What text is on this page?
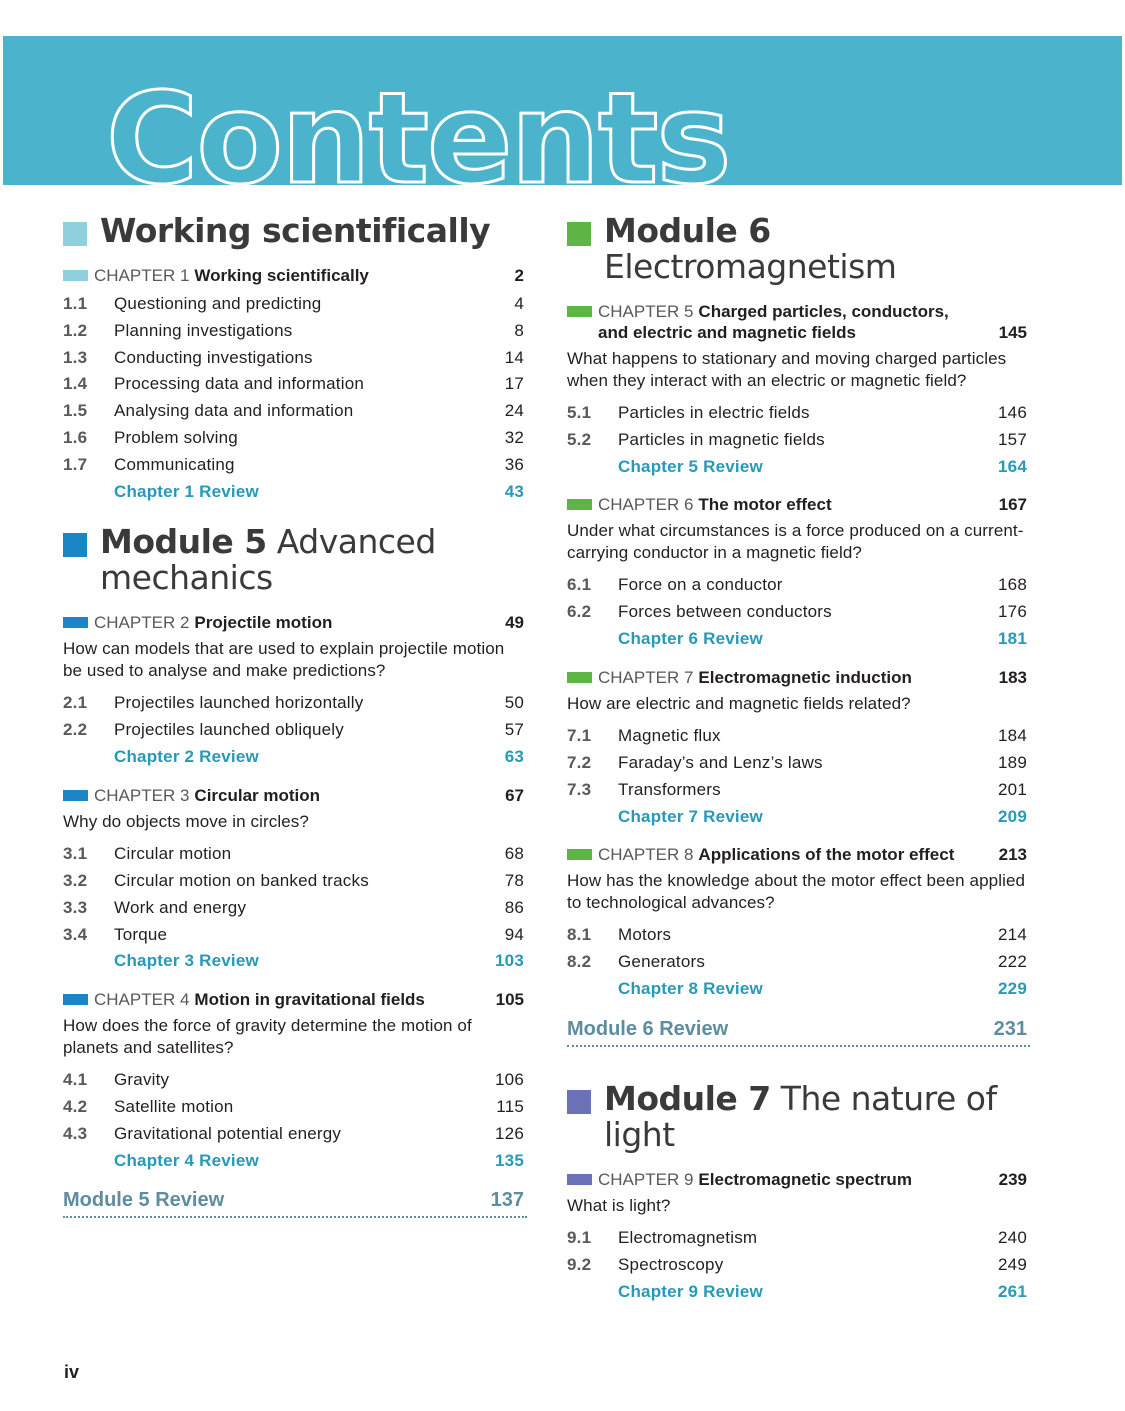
Contents
Working scientifically
CHAPTER 1 Working scientifically	2
1.1 Questioning and predicting	4
1.2 Planning investigations	8
1.3 Conducting investigations	14
1.4 Processing data and information	17
1.5 Analysing data and information	24
1.6 Problem solving	32
1.7 Communicating	36
Chapter 1 Review	43
Module 5 Advanced
mechanics
CHAPTER 2 Projectile motion	49
How can models that are used to explain projectile motion be used to analyse and make predictions?
2.1 Projectiles launched horizontally	50
2.2 Projectiles launched obliquely	57
Chapter 2 Review	63
CHAPTER 3 Circular motion	67
Why do objects move in circles?
3.1 Circular motion	68
3.2 Circular motion on banked tracks	78
3.3 Work and energy	86
3.4 Torque	94
Chapter 3 Review	103
CHAPTER 4 Motion in gravitational fields	105
How does the force of gravity determine the motion of planets and satellites?
4.1 Gravity	106
4.2 Satellite motion	115
4.3 Gravitational potential energy	126
Chapter 4 Review	135
Module 5 Review	137
Module 6 Electromagnetism
CHAPTER 5 Charged particles, conductors, and electric and magnetic fields	145
What happens to stationary and moving charged particles when they interact with an electric or magnetic field?
5.1 Particles in electric fields	146
5.2 Particles in magnetic fields	157
Chapter 5 Review	164
CHAPTER 6 The motor effect	167
Under what circumstances is a force produced on a current-carrying conductor in a magnetic field?
6.1 Force on a conductor	168
6.2 Forces between conductors	176
Chapter 6 Review	181
CHAPTER 7 Electromagnetic induction	183
How are electric and magnetic fields related?
7.1 Magnetic flux	184
7.2 Faraday’s and Lenz’s laws	189
7.3 Transformers	201
Chapter 7 Review	209
CHAPTER 8 Applications of the motor effect	213
How has the knowledge about the motor effect been applied to technological advances?
8.1 Motors	214
8.2 Generators	222
Chapter 8 Review	229
Module 6 Review	231
Module 7 The nature of light
CHAPTER 9 Electromagnetic spectrum	239
What is light?
9.1 Electromagnetism	240
9.2 Spectroscopy	249
Chapter 9 Review	261
iv
